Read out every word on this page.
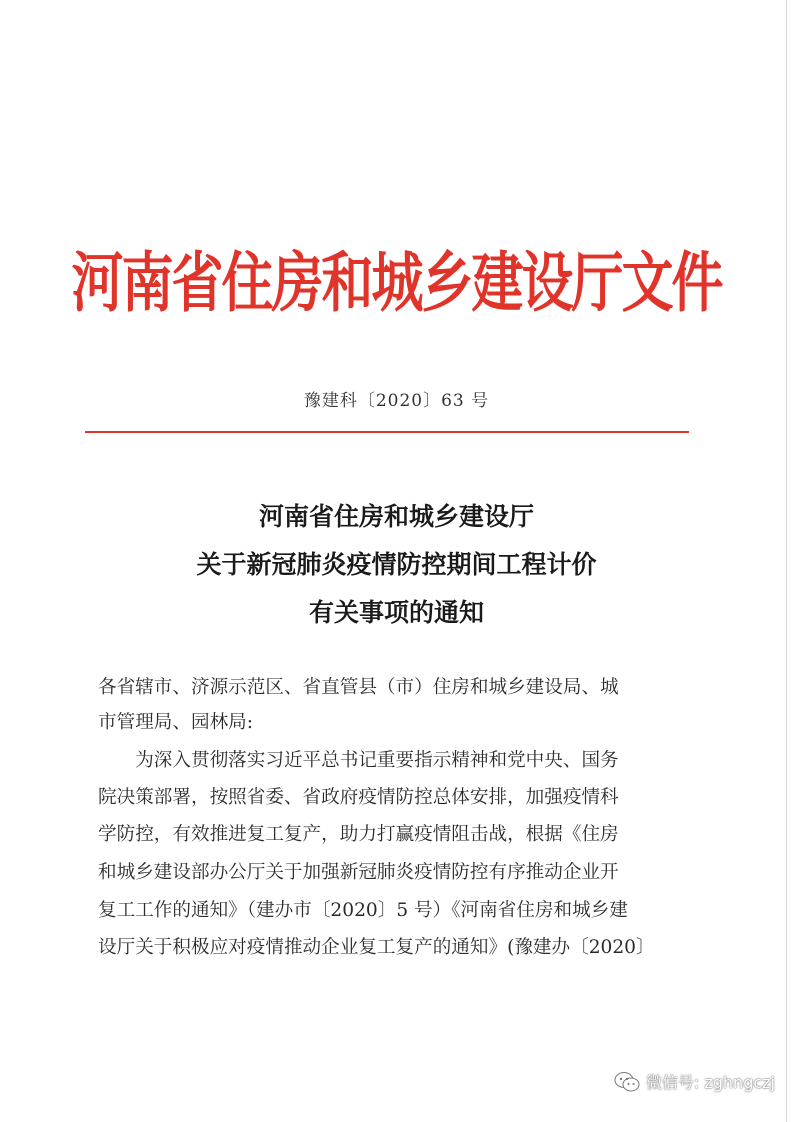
河南省住房和城乡建设厅文件
豫建科〔2020〕63 号
河南省住房和城乡建设厅
关于新冠肺炎疫情防控期间工程计价
有关事项的通知
各省辖市、济源示范区、省直管县（市）住房和城乡建设局、城
市管理局、园林局:
　　为深入贯彻落实习近平总书记重要指示精神和党中央、国务
院决策部署，按照省委、省政府疫情防控总体安排，加强疫情科
学防控，有效推进复工复产，助力打赢疫情阻击战，根据《住房
和城乡建设部办公厅关于加强新冠肺炎疫情防控有序推动企业开
复工工作的通知》（建办市〔2020〕5 号）《河南省住房和城乡建
设厅关于积极应对疫情推动企业复工复产的通知》(豫建办〔2020〕
微信号: zghngczj
